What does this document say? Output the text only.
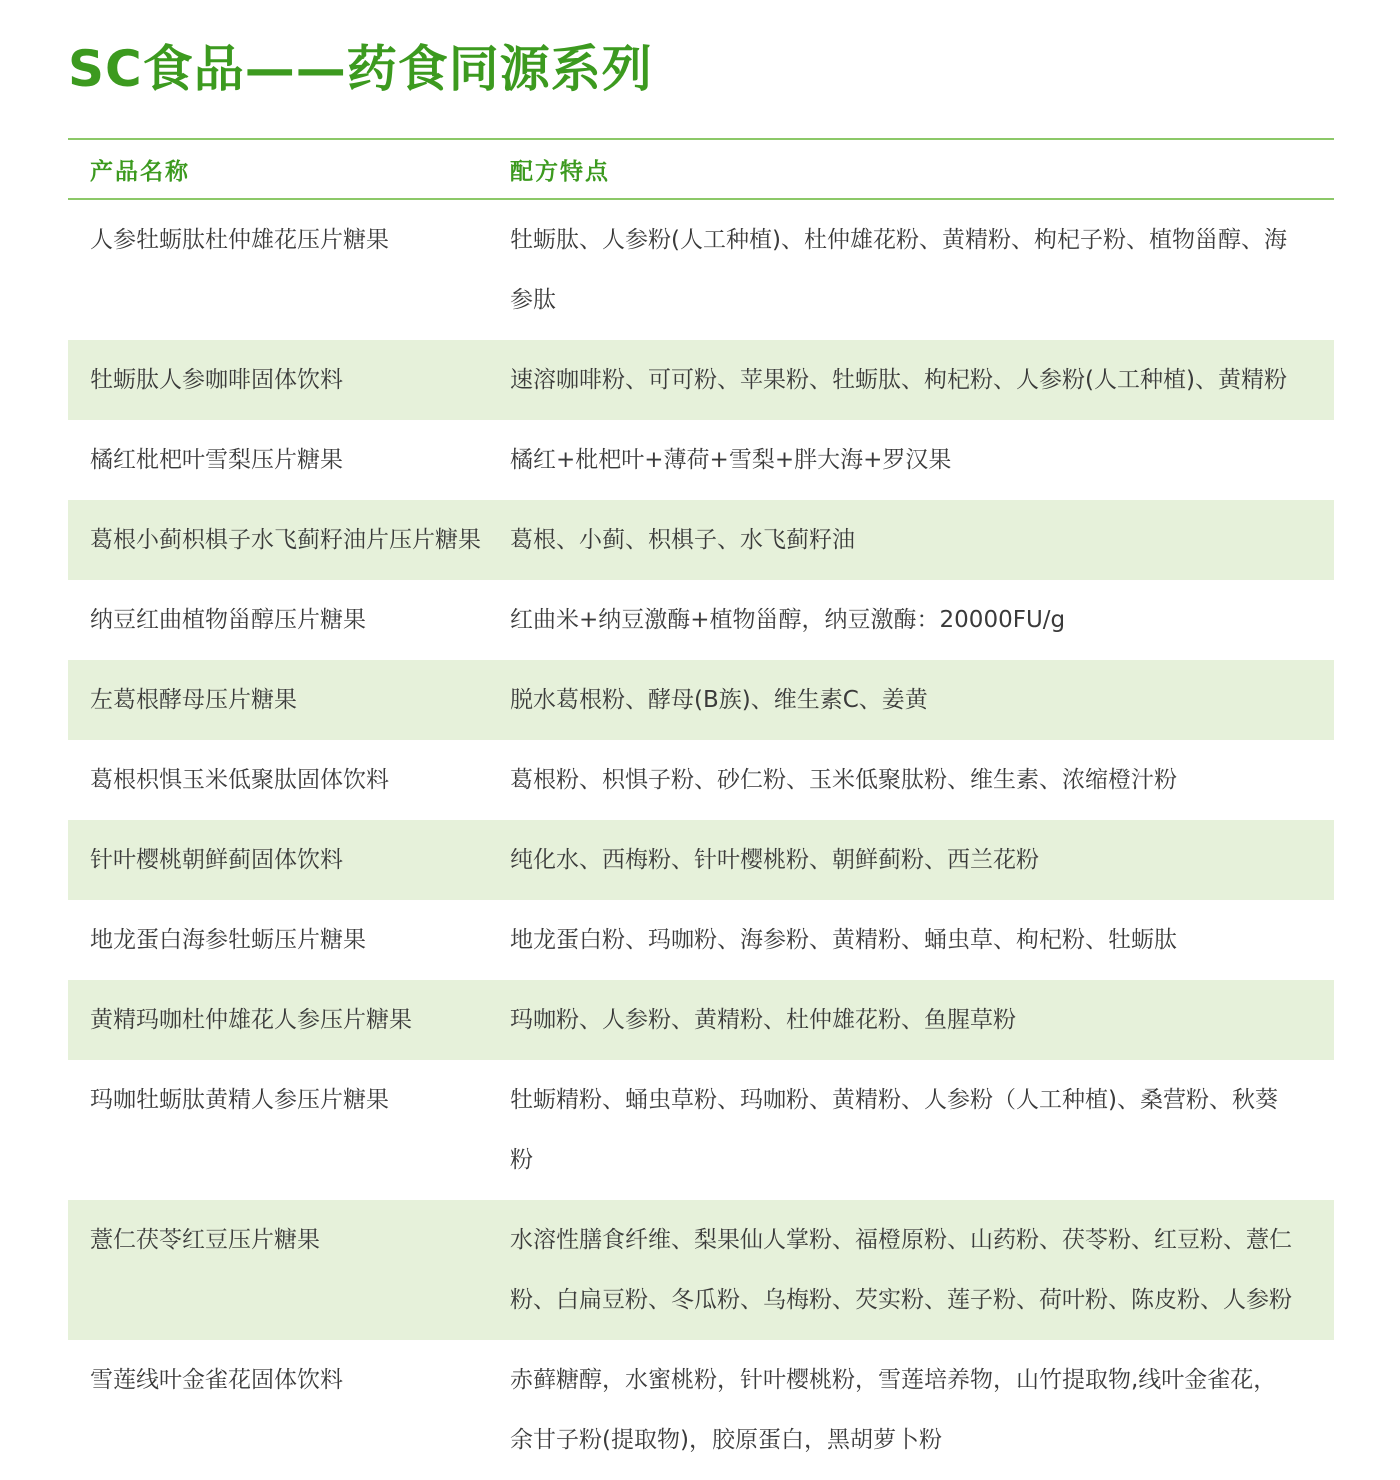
SC食品——药食同源系列
产品名称	配方特点
人参牡蛎肽杜仲雄花压片糖果	牡蛎肽、人参粉(人工种植)、杜仲雄花粉、黄精粉、枸杞子粉、植物甾醇、海参肽
牡蛎肽人参咖啡固体饮料	速溶咖啡粉、可可粉、苹果粉、牡蛎肽、枸杞粉、人参粉(人工种植)、黄精粉
橘红枇杷叶雪梨压片糖果	橘红+枇杷叶+薄荷+雪梨+胖大海+罗汉果
葛根小蓟枳椇子水飞蓟籽油片压片糖果	葛根、小蓟、枳椇子、水飞蓟籽油
纳豆红曲植物甾醇压片糖果	红曲米+纳豆激酶+植物甾醇，纳豆激酶：20000FU/g
左葛根酵母压片糖果	脱水葛根粉、酵母(B族)、维生素C、姜黄
葛根枳惧玉米低聚肽固体饮料	葛根粉、枳惧子粉、砂仁粉、玉米低聚肽粉、维生素、浓缩橙汁粉
针叶樱桃朝鲜蓟固体饮料	纯化水、西梅粉、针叶樱桃粉、朝鲜蓟粉、西兰花粉
地龙蛋白海参牡蛎压片糖果	地龙蛋白粉、玛咖粉、海参粉、黄精粉、蛹虫草、枸杞粉、牡蛎肽
黄精玛咖杜仲雄花人参压片糖果	玛咖粉、人参粉、黄精粉、杜仲雄花粉、鱼腥草粉
玛咖牡蛎肽黄精人参压片糖果	牡蛎精粉、蛹虫草粉、玛咖粉、黄精粉、人参粉（人工种植)、桑营粉、秋葵粉
薏仁茯苓红豆压片糖果	水溶性膳食纤维、梨果仙人掌粉、福橙原粉、山药粉、茯苓粉、红豆粉、薏仁粉、白扁豆粉、冬瓜粉、乌梅粉、芡实粉、莲子粉、荷叶粉、陈皮粉、人参粉
雪莲线叶金雀花固体饮料	赤藓糖醇，水蜜桃粉，针叶樱桃粉，雪莲培养物，山竹提取物,线叶金雀花，余甘子粉(提取物)，胶原蛋白，黑胡萝卜粉
